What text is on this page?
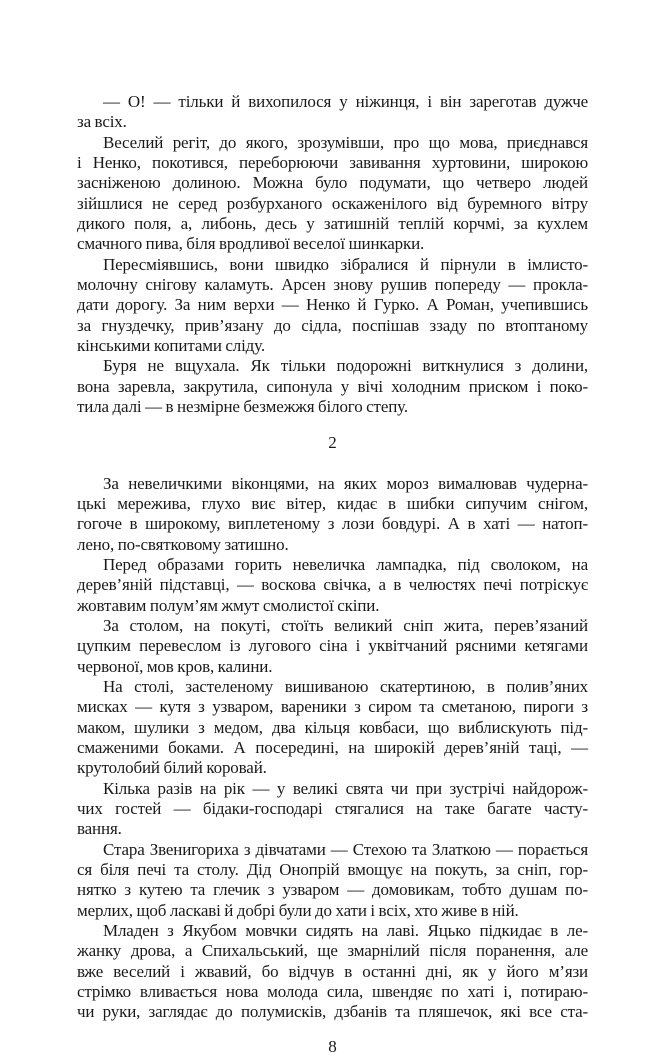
— О! — тільки й вихопилося у ніжинця, і він зареготав дужче
за всіх.
Веселий регіт, до якого, зрозумівши, про що мова, приєднався
і Ненко, покотився, переборюючи завивання хуртовини, широкою
засніженою долиною. Можна було подумати, що четверо людей
зійшлися не серед розбурханого оскаженілого від буремного вітру
дикого поля, а, либонь, десь у затишній теплій корчмі, за кухлем
смачного пива, біля вродливої веселої шинкарки.
Пересміявшись, вони швидко зібралися й пірнули в імлисто-
молочну снігову каламуть. Арсен знову рушив попереду — прокла-
дати дорогу. За ним верхи — Ненко й Гурко. А Роман, учепившись
за гнуздечку, прив’язану до сідла, поспішав ззаду по втоптаному
кінськими копитами сліду.
Буря не вщухала. Як тільки подорожні виткнулися з долини,
вона заревла, закрутила, сипонула у вічі холодним приском і поко-
тила далі — в незмірне безмежжя білого степу.
2
За невеличкими віконцями, на яких мороз вималював чудерна-
цькі мережива, глухо виє вітер, кидає в шибки сипучим снігом,
гогоче в широкому, виплетеному з лози бовдурі. А в хаті — натоп-
лено, по-святковому затишно.
Перед образами горить невеличка лампадка, під сволоком, на
дерев’яній підставці, — воскова свічка, а в челюстях печі потріскує
жовтавим полум’ям жмут смолистої скіпи.
За столом, на покуті, стоїть великий сніп жита, перев’язаний
цупким перевеслом із лугового сіна і уквітчаний рясними кетягами
червоної, мов кров, калини.
На столі, застеленому вишиваною скатертиною, в полив’яних
мисках — кутя з узваром, вареники з сиром та сметаною, пироги з
маком, шулики з медом, два кільця ковбаси, що виблискують під-
смаженими боками. А посередині, на широкій дерев’яній таці, —
крутолобий білий коровай.
Кілька разів на рік — у великі свята чи при зустрічі найдорож-
чих гостей — бідаки-господарі стягалися на таке багате часту-
вання.
Стара Звенигориха з дівчатами — Стехою та Златкою — порається
ся біля печі та столу. Дід Онопрій вмощує на покуть, за сніп, гор-
нятко з кутею та глечик з узваром — домовикам, тобто душам по-
мерлих, щоб ласкаві й добрі були до хати і всіх, хто живе в ній.
Младен з Якубом мовчки сидять на лаві. Яцько підкидає в ле-
жанку дрова, а Спихальський, ще змарнілий після поранення, але
вже веселий і жвавий, бо відчув в останні дні, як у його м’язи
стрімко вливається нова молода сила, швендяє по хаті і, потираю-
чи руки, заглядає до полумисків, дзбанів та пляшечок, які все ста-
8
